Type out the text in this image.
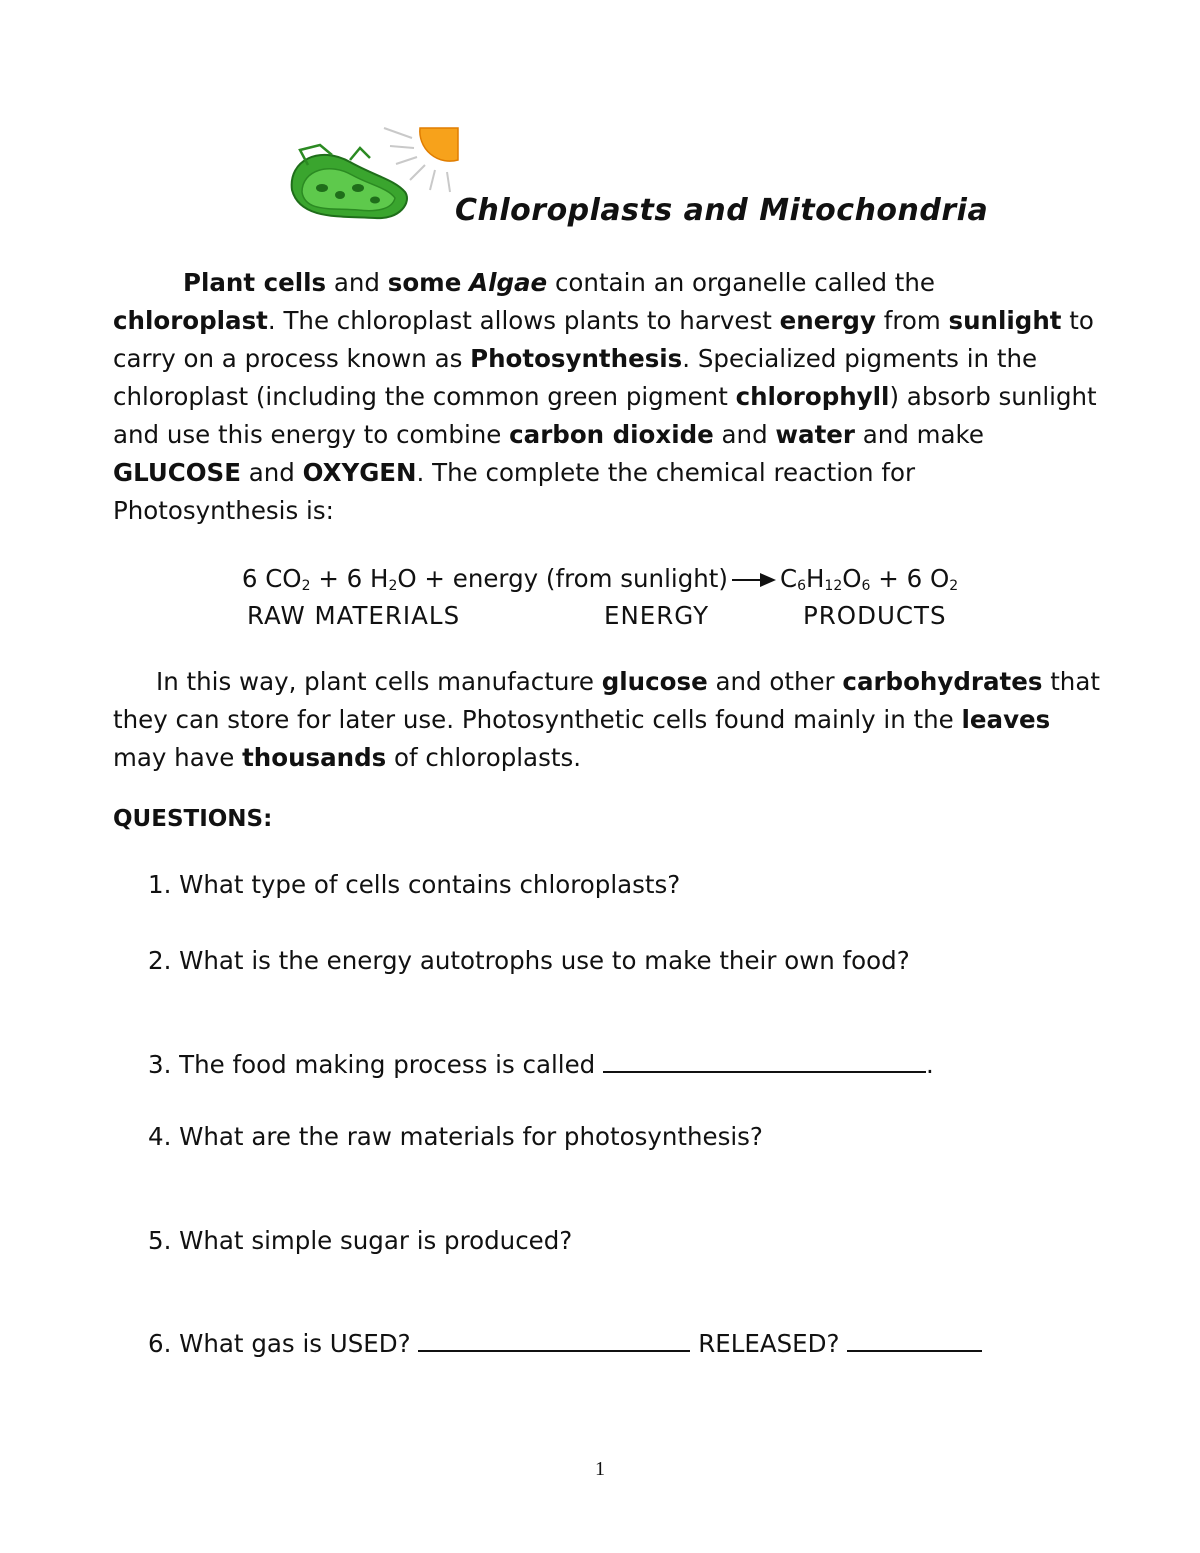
Chloroplasts and Mitochondria
Plant cells and some Algae contain an organelle called the chloroplast. The chloroplast allows plants to harvest energy from sunlight to carry on a process known as Photosynthesis. Specialized pigments in the chloroplast (including the common green pigment chlorophyll) absorb sunlight and use this energy to combine carbon dioxide and water and make GLUCOSE and OXYGEN. The complete the chemical reaction for Photosynthesis is:
6 $CO_2 + 6$ $H_2O$ + energy (from sunlight) → $C_6H_{12}O_6 + 6$ $O_2$
RAW MATERIALS	ENERGY	PRODUCTS
In this way, plant cells manufacture glucose and other carbohydrates that they can store for later use. Photosynthetic cells found mainly in the leaves may have thousands of chloroplasts.
QUESTIONS:
1. What type of cells contains chloroplasts?
2. What is the energy autotrophs use to make their own food?
3. The food making process is called	.
4. What are the raw materials for photosynthesis?
5. What simple sugar is produced?
6. What gas is USED?	RELEASED?
1
